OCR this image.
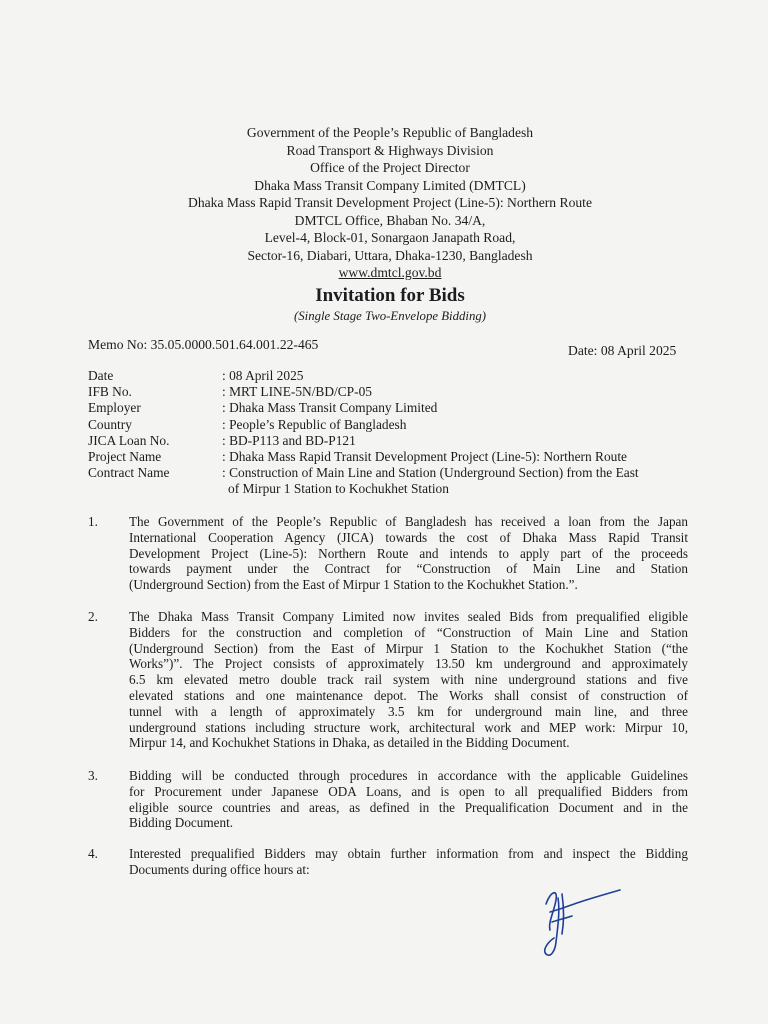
Government of the People’s Republic of Bangladesh
Road Transport & Highways Division
Office of the Project Director
Dhaka Mass Transit Company Limited (DMTCL)
Dhaka Mass Rapid Transit Development Project (Line-5): Northern Route
DMTCL Office, Bhaban No. 34/A,
Level-4, Block-01, Sonargaon Janapath Road,
Sector-16, Diabari, Uttara, Dhaka-1230, Bangladesh
www.dmtcl.gov.bd
Invitation for Bids
(Single Stage Two-Envelope Bidding)
Memo No: 35.05.0000.501.64.001.22-465	Date: 08 April 2025
Date	: 08 April 2025
IFB No.	: MRT LINE-5N/BD/CP-05
Employer	: Dhaka Mass Transit Company Limited
Country	: People’s Republic of Bangladesh
JICA Loan No.	: BD-P113 and BD-P121
Project Name	: Dhaka Mass Rapid Transit Development Project (Line-5): Northern Route
Contract Name	: Construction of Main Line and Station (Underground Section) from the East
of Mirpur 1 Station to Kochukhet Station
1. The Government of the People’s Republic of Bangladesh has received a loan from the Japan
International Cooperation Agency (JICA) towards the cost of Dhaka Mass Rapid Transit
Development Project (Line-5): Northern Route and intends to apply part of the proceeds
towards payment under the Contract for “Construction of Main Line and Station
(Underground Section) from the East of Mirpur 1 Station to the Kochukhet Station.”.
2. The Dhaka Mass Transit Company Limited now invites sealed Bids from prequalified eligible
Bidders for the construction and completion of “Construction of Main Line and Station
(Underground Section) from the East of Mirpur 1 Station to the Kochukhet Station (“the
Works”)”. The Project consists of approximately 13.50 km underground and approximately
6.5 km elevated metro double track rail system with nine underground stations and five
elevated stations and one maintenance depot. The Works shall consist of construction of
tunnel with a length of approximately 3.5 km for underground main line, and three
underground stations including structure work, architectural work and MEP work: Mirpur 10,
Mirpur 14, and Kochukhet Stations in Dhaka, as detailed in the Bidding Document.
3. Bidding will be conducted through procedures in accordance with the applicable Guidelines
for Procurement under Japanese ODA Loans, and is open to all prequalified Bidders from
eligible source countries and areas, as defined in the Prequalification Document and in the
Bidding Document.
4. Interested prequalified Bidders may obtain further information from and inspect the Bidding
Documents during office hours at:
